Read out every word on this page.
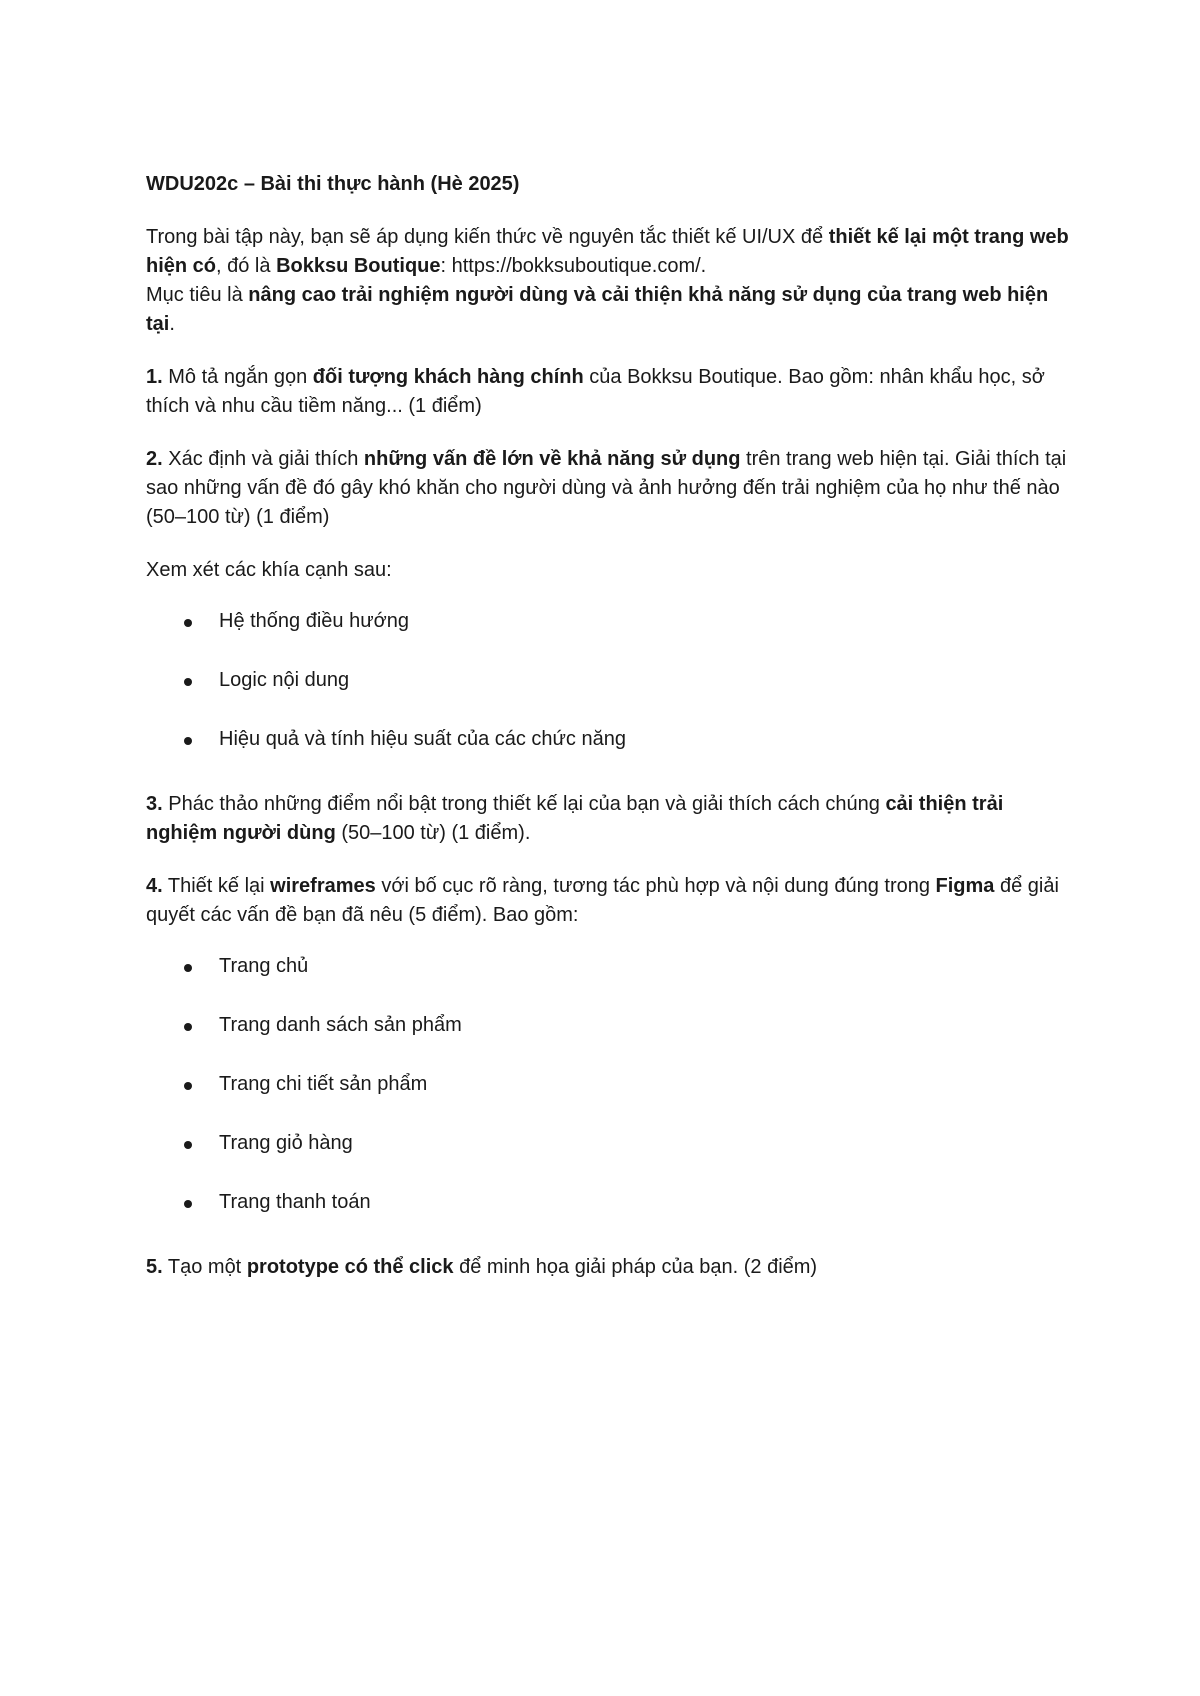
WDU202c – Bài thi thực hành (Hè 2025)

Trong bài tập này, bạn sẽ áp dụng kiến thức về nguyên tắc thiết kế UI/UX để thiết kế lại một trang web hiện có, đó là Bokksu Boutique: https://bokksuboutique.com/.
Mục tiêu là nâng cao trải nghiệm người dùng và cải thiện khả năng sử dụng của trang web hiện tại.

1. Mô tả ngắn gọn đối tượng khách hàng chính của Bokksu Boutique. Bao gồm: nhân khẩu học, sở thích và nhu cầu tiềm năng... (1 điểm)

2. Xác định và giải thích những vấn đề lớn về khả năng sử dụng trên trang web hiện tại. Giải thích tại sao những vấn đề đó gây khó khăn cho người dùng và ảnh hưởng đến trải nghiệm của họ như thế nào (50–100 từ) (1 điểm)

Xem xét các khía cạnh sau:

Hệ thống điều hướng
Logic nội dung
Hiệu quả và tính hiệu suất của các chức năng

3. Phác thảo những điểm nổi bật trong thiết kế lại của bạn và giải thích cách chúng cải thiện trải nghiệm người dùng (50–100 từ) (1 điểm).

4. Thiết kế lại wireframes với bố cục rõ ràng, tương tác phù hợp và nội dung đúng trong Figma để giải quyết các vấn đề bạn đã nêu (5 điểm). Bao gồm:

Trang chủ
Trang danh sách sản phẩm
Trang chi tiết sản phẩm
Trang giỏ hàng
Trang thanh toán

5. Tạo một prototype có thể click để minh họa giải pháp của bạn. (2 điểm)
